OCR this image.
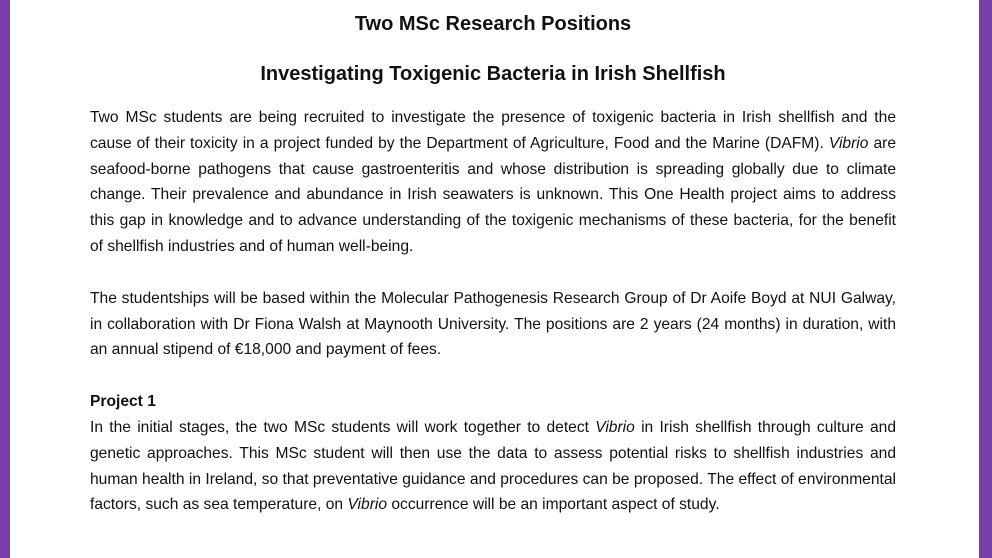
Two MSc Research Positions
Investigating Toxigenic Bacteria in Irish Shellfish

Two MSc students are being recruited to investigate the presence of toxigenic bacteria in Irish shellfish and the cause of their toxicity in a project funded by the Department of Agriculture, Food and the Marine (DAFM). Vibrio are seafood-borne pathogens that cause gastroenteritis and whose distribution is spreading globally due to climate change. Their prevalence and abundance in Irish seawaters is unknown. This One Health project aims to address this gap in knowledge and to advance understanding of the toxigenic mechanisms of these bacteria, for the benefit of shellfish industries and of human well-being.

The studentships will be based within the Molecular Pathogenesis Research Group of Dr Aoife Boyd at NUI Galway, in collaboration with Dr Fiona Walsh at Maynooth University. The positions are 2 years (24 months) in duration, with an annual stipend of €18,000 and payment of fees.

Project 1

In the initial stages, the two MSc students will work together to detect Vibrio in Irish shellfish through culture and genetic approaches. This MSc student will then use the data to assess potential risks to shellfish industries and human health in Ireland, so that preventative guidance and procedures can be proposed. The effect of environmental factors, such as sea temperature, on Vibrio occurrence will be an important aspect of study.
